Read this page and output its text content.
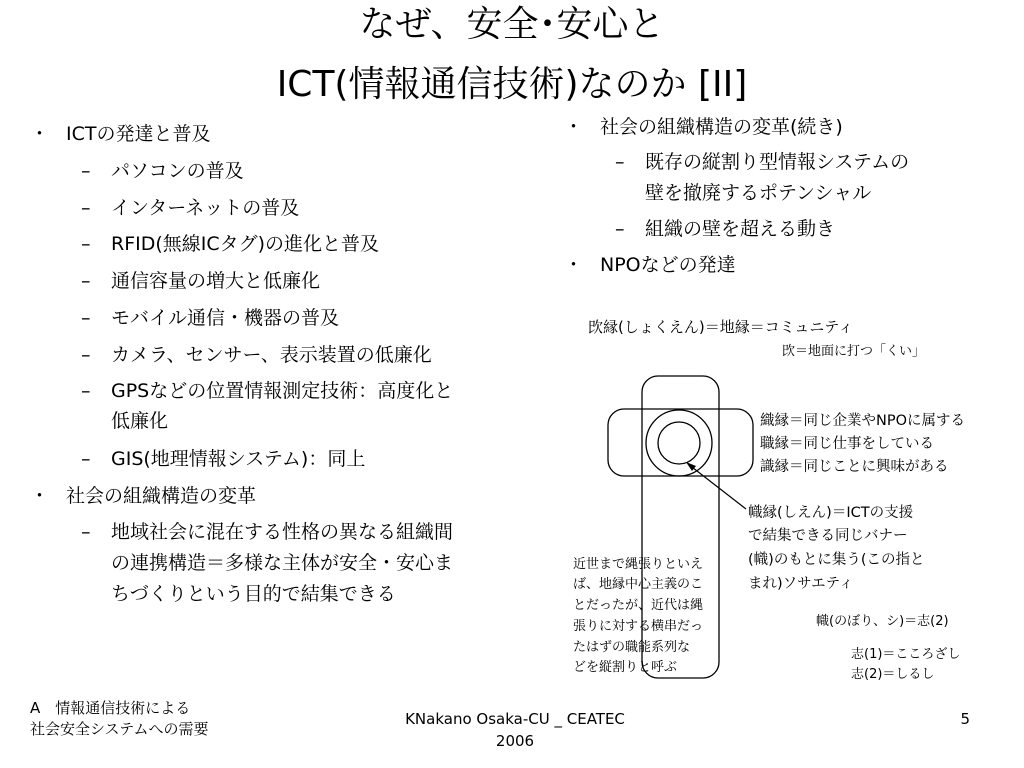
なぜ、安全･安心と
ICT(情報通信技術)なのか [II]
・ ICTの発達と普及
– パソコンの普及
– インターネットの普及
– RFID(無線ICタグ)の進化と普及
– 通信容量の増大と低廉化
– モバイル通信・機器の普及
– カメラ、センサー、表示装置の低廉化
– GPSなどの位置情報測定技術：高度化と
低廉化
– GIS(地理情報システム)：同上
・ 社会の組織構造の変革
– 地域社会に混在する性格の異なる組織間
の連携構造＝多様な主体が安全・安心ま
ちづくりという目的で結集できる
・ 社会の組織構造の変革(続き)
– 既存の縦割り型情報システムの
壁を撤廃するポテンシャル
– 組織の壁を超える動き
・ NPOなどの発達
㰝縁(しょくえん)＝地縁＝コミュニティ
㰝＝地面に打つ「くい」
織縁＝同じ企業やNPOに属する
職縁＝同じ仕事をしている
識縁＝同じことに興味がある
幟縁(しえん)＝ICTの支援
で結集できる同じバナー
(幟)のもとに集う(この指と
まれ)ソサエティ
近世まで縄張りといえ
ば、地縁中心主義のこ
とだったが、近代は縄
張りに対する横串だっ
たはずの職能系列な
どを縦割りと呼ぶ
幟(のぼり、シ)＝志(2)
志(1)＝こころざし
志(2)＝しるし
A　情報通信技術による
社会安全システムへの需要
KNakano Osaka-CU _ CEATEC
2006
5
